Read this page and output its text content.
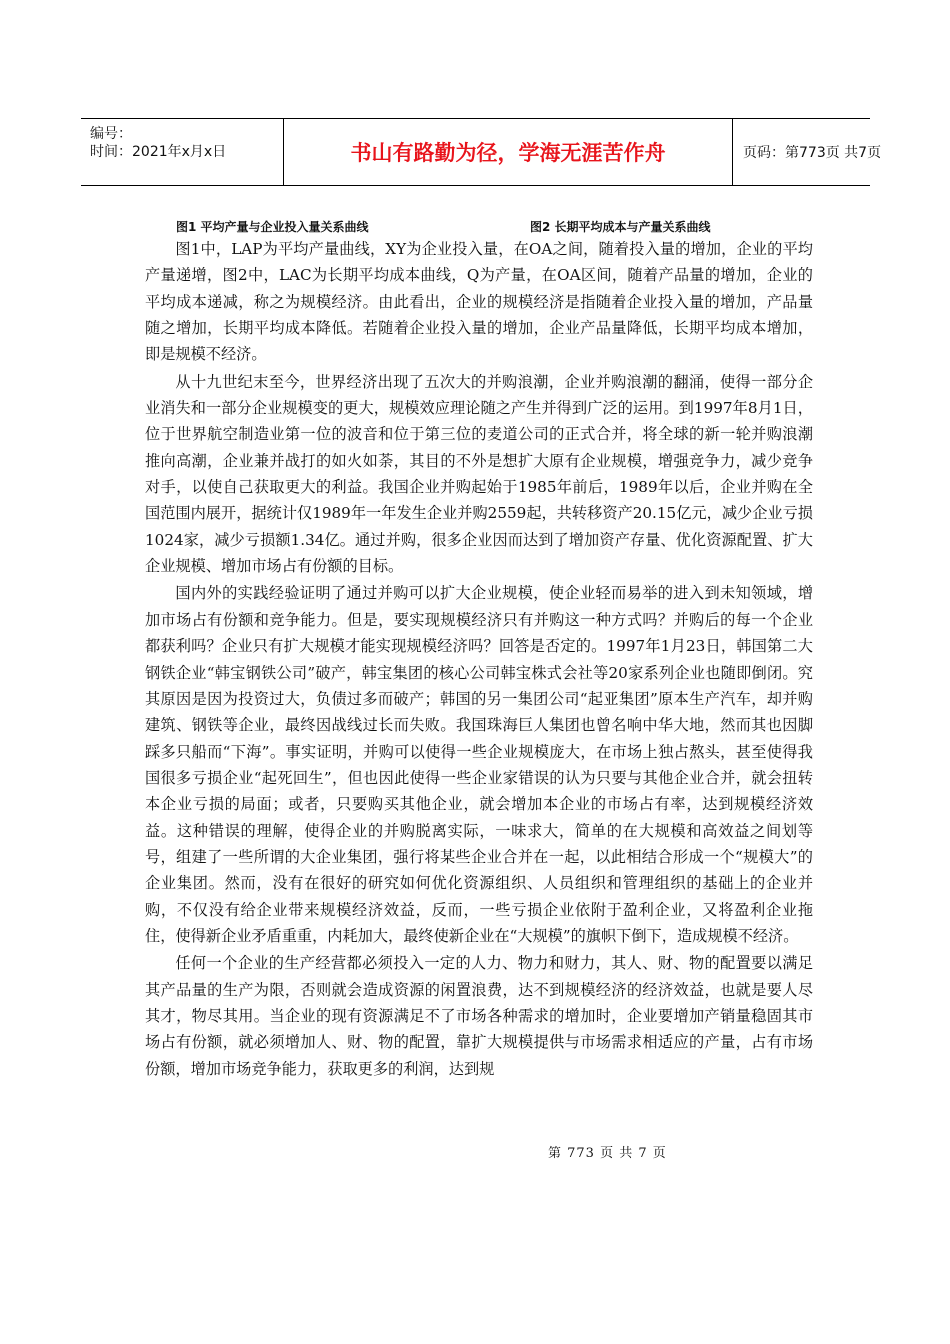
编号：
时间：2021年x月x日	书山有路勤为径，学海无涯苦作舟	页码：第773页 共7页
图1 平均产量与企业投入量关系曲线	图2 长期平均成本与产量关系曲线

图1中，LAP为平均产量曲线，XY为企业投入量，在OA之间，随着投入量的增加，企业的平均产量递增，图2中，LAC为长期平均成本曲线，Q为产量，在OA区间，随着产品量的增加，企业的平均成本递减，称之为规模经济。由此看出，企业的规模经济是指随着企业投入量的增加，产品量随之增加，长期平均成本降低。若随着企业投入量的增加，企业产品量降低，长期平均成本增加，即是规模不经济。

从十九世纪末至今，世界经济出现了五次大的并购浪潮，企业并购浪潮的翻涌，使得一部分企业消失和一部分企业规模变的更大，规模效应理论随之产生并得到广泛的运用。到1997年8月1日，位于世界航空制造业第一位的波音和位于第三位的麦道公司的正式合并，将全球的新一轮并购浪潮推向高潮，企业兼并战打的如火如荼，其目的不外是想扩大原有企业规模，增强竞争力，减少竞争对手，以使自己获取更大的利益。我国企业并购起始于1985年前后，1989年以后，企业并购在全国范围内展开，据统计仅1989年一年发生企业并购2559起，共转移资产20.15亿元，减少企业亏损1024家，减少亏损额1.34亿。通过并购，很多企业因而达到了增加资产存量、优化资源配置、扩大企业规模、增加市场占有份额的目标。

国内外的实践经验证明了通过并购可以扩大企业规模，使企业轻而易举的进入到未知领域，增加市场占有份额和竞争能力。但是，要实现规模经济只有并购这一种方式吗？并购后的每一个企业都获利吗？企业只有扩大规模才能实现规模经济吗？回答是否定的。1997年1月23日，韩国第二大钢铁企业“韩宝钢铁公司”破产，韩宝集团的核心公司韩宝株式会社等20家系列企业也随即倒闭。究其原因是因为投资过大，负债过多而破产；韩国的另一集团公司“起亚集团”原本生产汽车，却并购建筑、钢铁等企业，最终因战线过长而失败。我国珠海巨人集团也曾名响中华大地，然而其也因脚踩多只船而“下海”。事实证明，并购可以使得一些企业规模庞大，在市场上独占熬头，甚至使得我国很多亏损企业“起死回生”，但也因此使得一些企业家错误的认为只要与其他企业合并，就会扭转本企业亏损的局面；或者，只要购买其他企业，就会增加本企业的市场占有率，达到规模经济效益。这种错误的理解，使得企业的并购脱离实际，一味求大，简单的在大规模和高效益之间划等号，组建了一些所谓的大企业集团，强行将某些企业合并在一起，以此相结合形成一个“规模大”的企业集团。然而，没有在很好的研究如何优化资源组织、人员组织和管理组织的基础上的企业并购，不仅没有给企业带来规模经济效益，反而，一些亏损企业依附于盈利企业，又将盈利企业拖住，使得新企业矛盾重重，内耗加大，最终使新企业在“大规模”的旗帜下倒下，造成规模不经济。

任何一个企业的生产经营都必须投入一定的人力、物力和财力，其人、财、物的配置要以满足其产品量的生产为限，否则就会造成资源的闲置浪费，达不到规模经济的经济效益，也就是要人尽其才，物尽其用。当企业的现有资源满足不了市场各种需求的增加时，企业要增加产销量稳固其市场占有份额，就必须增加人、财、物的配置，靠扩大规模提供与市场需求相适应的产量，占有市场份额，增加市场竞争能力，获取更多的利润，达到规

第 773 页 共 7 页
